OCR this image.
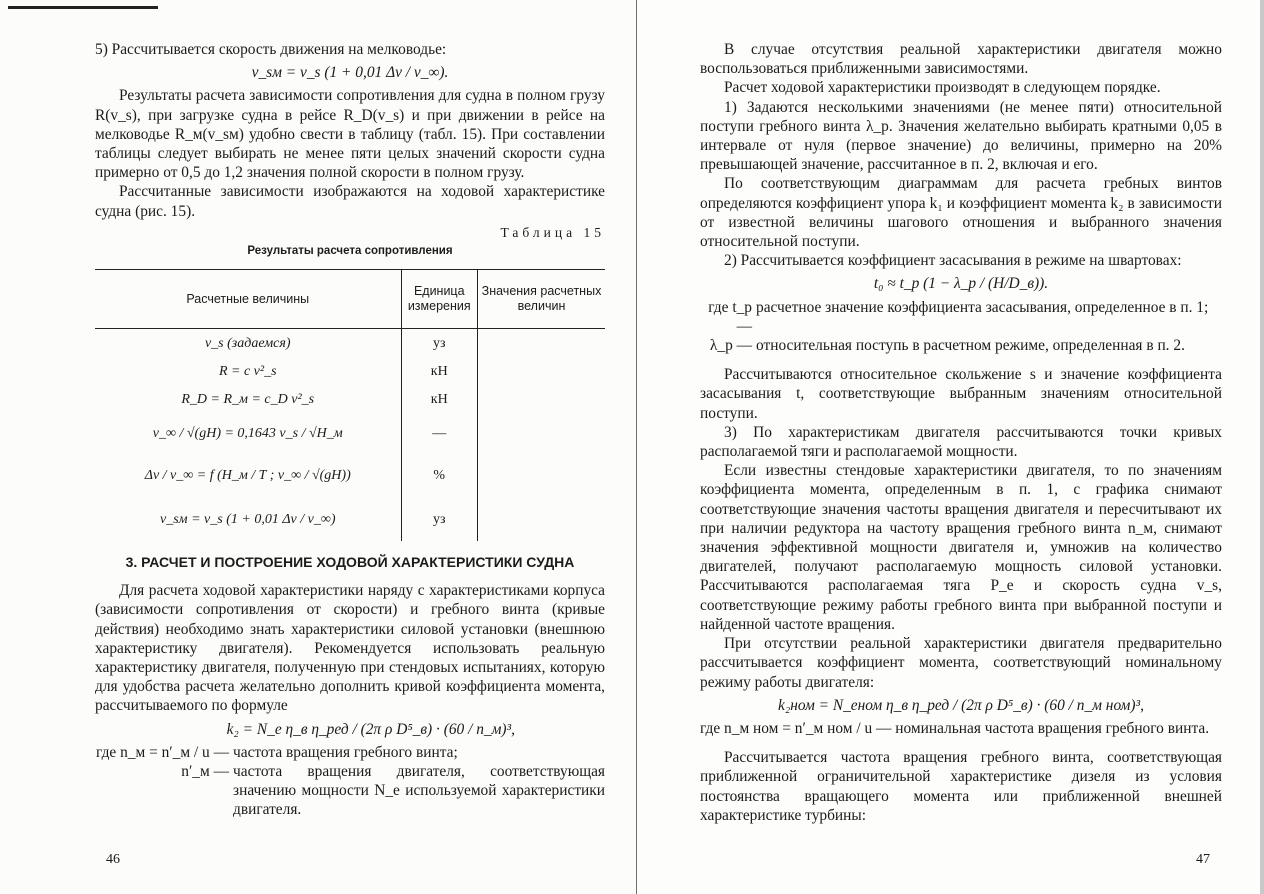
5) Рассчитывается скорость движения на мелководье:

v_sм = v_s (1 + 0,01 Δv / v_∞).

Результаты расчета зависимости сопротивления для судна в полном грузу R(v_s), при загрузке судна в рейсе R_D(v_s) и при движении в рейсе на мелководье R_м(v_sм) удобно свести в таблицу (табл. 15). При составлении таблицы следует выбирать не менее пяти целых значений скорости судна примерно от 0,5 до 1,2 значения полной скорости в полном грузу.

Рассчитанные зависимости изображаются на ходовой характеристике судна (рис. 15).

Таблица 15
Результаты расчета сопротивления
Расчетные величины	Единица измерения	Значения расчетных величин
v_s (задаемся)	уз	
R = c v²_s	кН	
R_D = R_м = c_D v²_s	кН	
v_∞ / √(gH) = 0,1643 v_s / √H_м	—	
Δv / v_∞ = f (H_м / T ; v_∞ / √(gH))	%	
v_sм = v_s (1 + 0,01 Δv / v_∞)	уз	
3. РАСЧЕТ И ПОСТРОЕНИЕ ХОДОВОЙ ХАРАКТЕРИСТИКИ СУДНА

Для расчета ходовой характеристики наряду с характеристиками корпуса (зависимости сопротивления от скорости) и гребного винта (кривые действия) необходимо знать характеристики силовой установки (внешнюю характеристику двигателя). Рекомендуется использовать реальную характеристику двигателя, полученную при стендовых испытаниях, которую для удобства расчета желательно дополнить кривой коэффициента момента, рассчитываемого по формуле

k₂ = N_e η_в η_ред / (2π ρ D⁵_в) · (60 / n_м)³,
где n_м = n′_м / u — частота вращения гребного винта;
n′_м — частота вращения двигателя, соответствующая значению мощности N_e используемой характеристики двигателя.
46

В случае отсутствия реальной характеристики двигателя можно воспользоваться приближенными зависимостями.

Расчет ходовой характеристики производят в следующем порядке.

1) Задаются несколькими значениями (не менее пяти) относительной поступи гребного винта λ_р. Значения желательно выбирать кратными 0,05 в интервале от нуля (первое значение) до величины, примерно на 20% превышающей значение, рассчитанное в п. 2, включая и его.

По соответствующим диаграммам для расчета гребных винтов определяются коэффициент упора k₁ и коэффициент момента k₂ в зависимости от известной величины шагового отношения и выбранного значения относительной поступи.

2) Рассчитывается коэффициент засасывания в режиме на швартовах:

t₀ ≈ t_р (1 − λ_р / (H/D_в)).
где t_р —
расчетное значение коэффициента засасывания, определенное в п. 1;
λ_р — относительная поступь в расчетном режиме, определенная в п. 2.

Рассчитываются относительное скольжение s и значение коэффициента засасывания t, соответствующие выбранным значениям относительной поступи.

3) По характеристикам двигателя рассчитываются точки кривых располагаемой тяги и располагаемой мощности.

Если известны стендовые характеристики двигателя, то по значениям коэффициента момента, определенным в п. 1, с графика снимают соответствующие значения частоты вращения двигателя и пересчитывают их при наличии редуктора на частоту вращения гребного винта n_м, снимают значения эффективной мощности двигателя и, умножив на количество двигателей, получают располагаемую мощность силовой установки. Рассчитываются располагаемая тяга P_е и скорость судна v_s, соответствующие режиму работы гребного винта при выбранной поступи и найденной частоте вращения.

При отсутствии реальной характеристики двигателя предварительно рассчитывается коэффициент момента, соответствующий номинальному режиму работы двигателя:

k₂ном = N_еном η_в η_ред / (2π ρ D⁵_в) · (60 / n_м ном)³,

где n_м ном = n′_м ном / u — номинальная частота вращения гребного винта.

Рассчитывается частота вращения гребного винта, соответствующая приближенной ограничительной характеристике дизеля из условия постоянства вращающего момента или приближенной внешней характеристике турбины:

47
